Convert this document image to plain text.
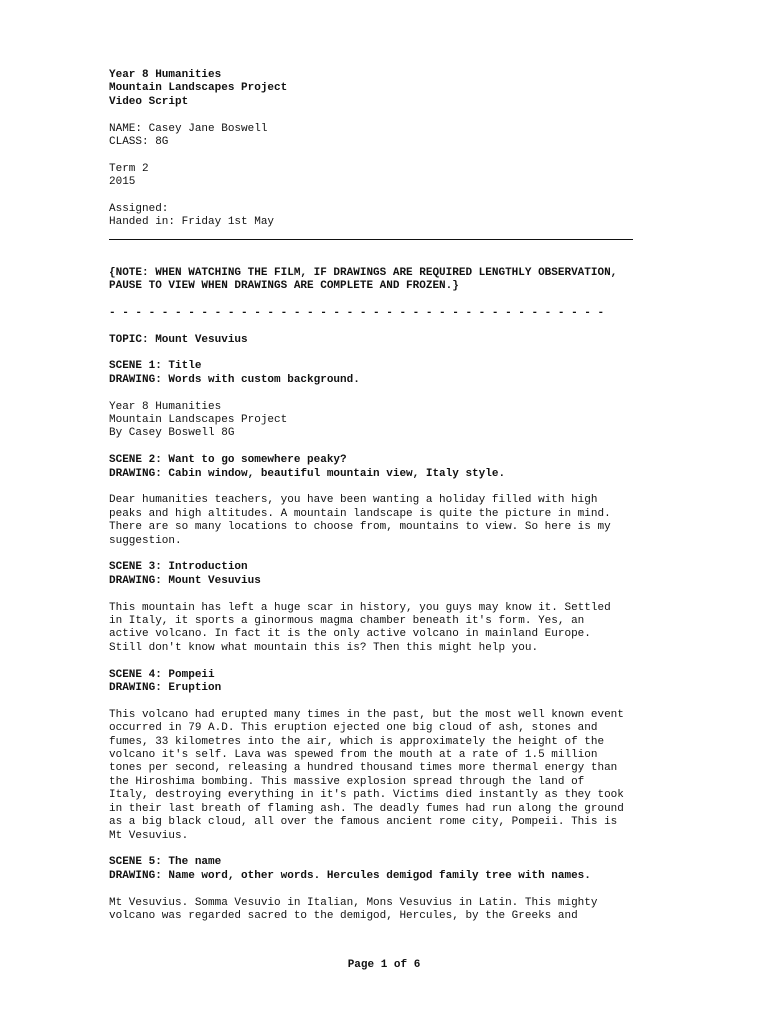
Year 8 Humanities
Mountain Landscapes Project
Video Script
NAME: Casey Jane Boswell
CLASS: 8G
Term 2
2015
Assigned:
Handed in: Friday 1st May
{NOTE: WHEN WATCHING THE FILM, IF DRAWINGS ARE REQUIRED LENGTHLY OBSERVATION,
PAUSE TO VIEW WHEN DRAWINGS ARE COMPLETE AND FROZEN.}
- - - - - - - - - - - - - - - - - - - - - - - - - - - - - - - - - - - - - -
TOPIC: Mount Vesuvius
SCENE 1: Title
DRAWING: Words with custom background.
Year 8 Humanities
Mountain Landscapes Project
By Casey Boswell 8G
SCENE 2: Want to go somewhere peaky?
DRAWING: Cabin window, beautiful mountain view, Italy style.
Dear humanities teachers, you have been wanting a holiday filled with high
peaks and high altitudes. A mountain landscape is quite the picture in mind.
There are so many locations to choose from, mountains to view. So here is my
suggestion.
SCENE 3: Introduction
DRAWING: Mount Vesuvius
This mountain has left a huge scar in history, you guys may know it. Settled
in Italy, it sports a ginormous magma chamber beneath it's form. Yes, an
active volcano. In fact it is the only active volcano in mainland Europe.
Still don't know what mountain this is? Then this might help you.
SCENE 4: Pompeii
DRAWING: Eruption
This volcano had erupted many times in the past, but the most well known event
occurred in 79 A.D. This eruption ejected one big cloud of ash, stones and
fumes, 33 kilometres into the air, which is approximately the height of the
volcano it's self. Lava was spewed from the mouth at a rate of 1.5 million
tones per second, releasing a hundred thousand times more thermal energy than
the Hiroshima bombing. This massive explosion spread through the land of
Italy, destroying everything in it's path. Victims died instantly as they took
in their last breath of flaming ash. The deadly fumes had run along the ground
as a big black cloud, all over the famous ancient rome city, Pompeii. This is
Mt Vesuvius.
SCENE 5: The name
DRAWING: Name word, other words. Hercules demigod family tree with names.
Mt Vesuvius. Somma Vesuvio in Italian, Mons Vesuvius in Latin. This mighty
volcano was regarded sacred to the demigod, Hercules, by the Greeks and
Page 1 of 6
